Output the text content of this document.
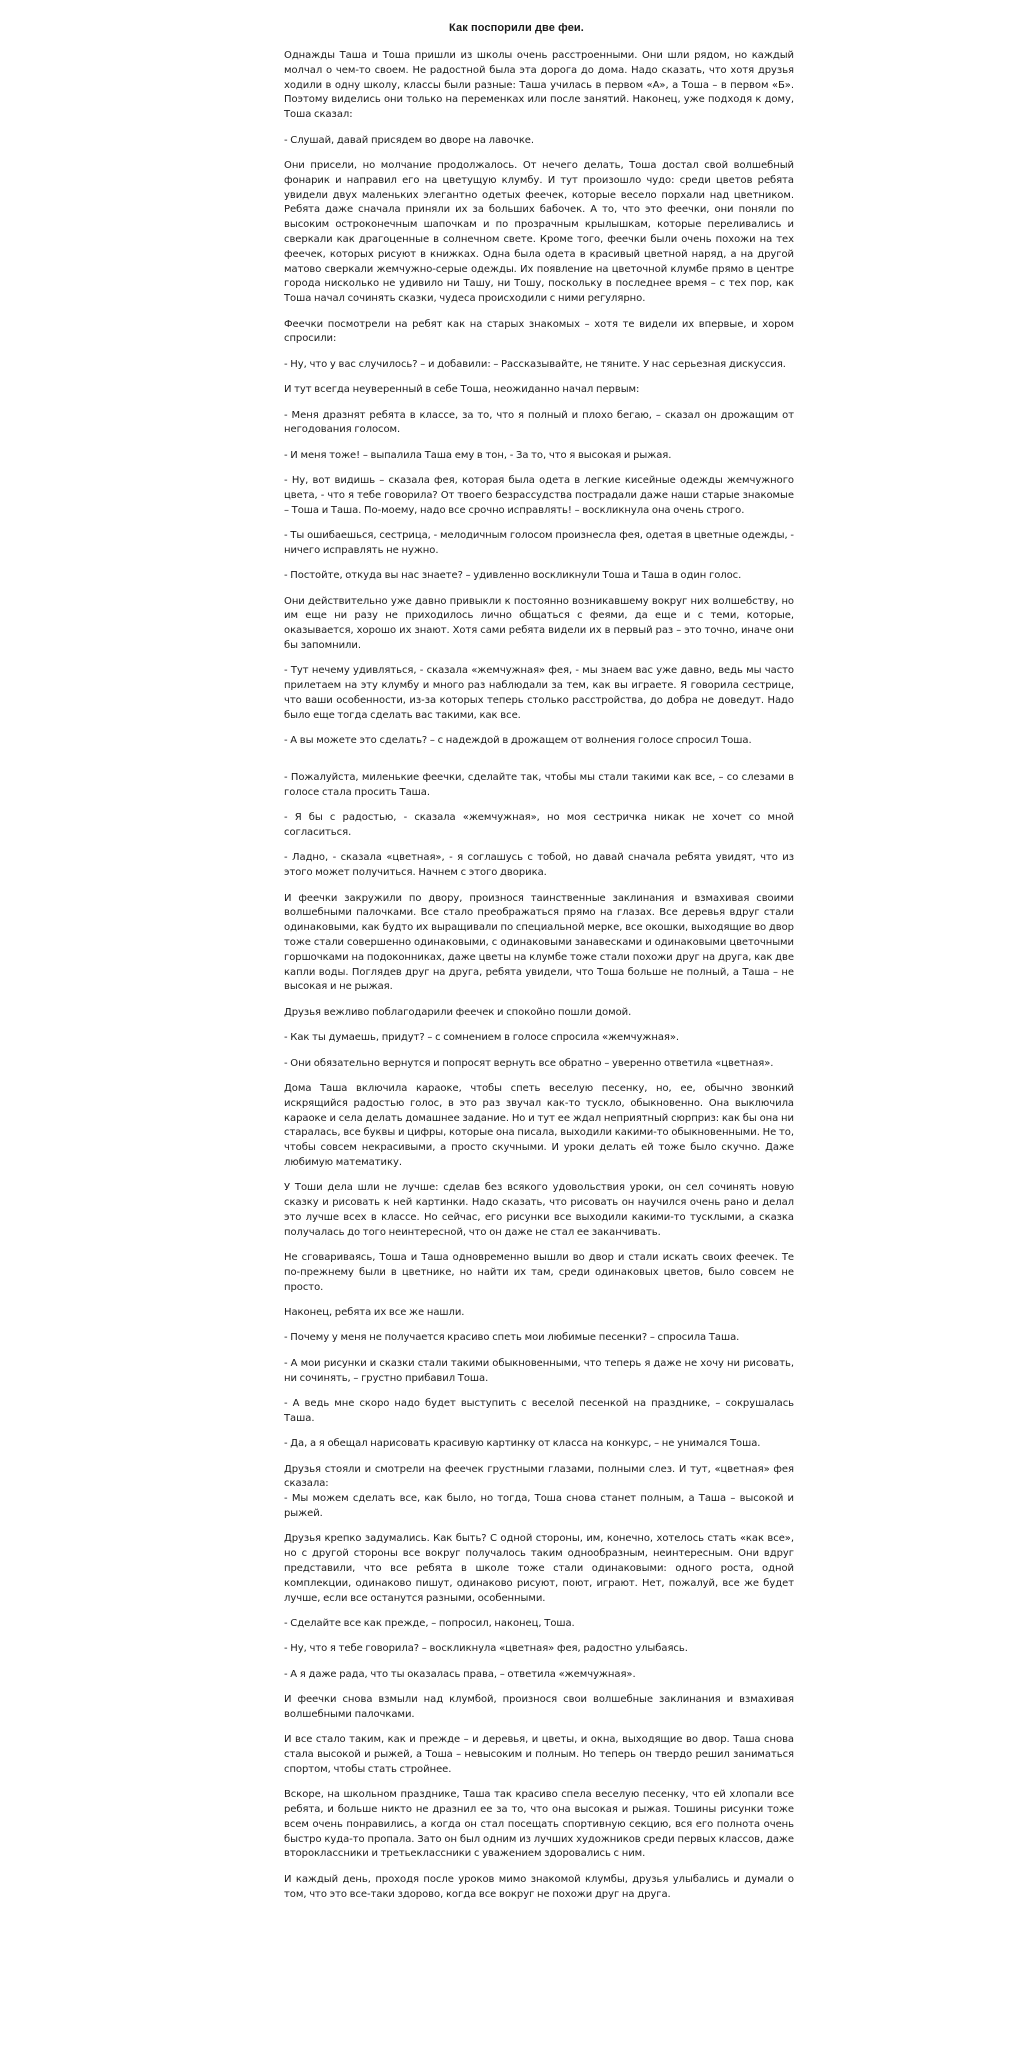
Как поспорили две феи.

Однажды Таша и Тоша пришли из школы очень расстроенными. Они шли рядом, но каждый молчал о чем-то своем. Не радостной была эта дорога до дома. Надо сказать, что хотя друзья ходили в одну школу, классы были разные: Таша училась в первом «А», а Тоша – в первом «Б». Поэтому виделись они только на переменках или после занятий. Наконец, уже подходя к дому, Тоша сказал:

- Слушай, давай присядем во дворе на лавочке.

Они присели, но молчание продолжалось. От нечего делать, Тоша достал свой волшебный фонарик и направил его на цветущую клумбу. И тут произошло чудо: среди цветов ребята увидели двух маленьких элегантно одетых феечек, которые весело порхали над цветником. Ребята даже сначала приняли их за больших бабочек. А то, что это феечки, они поняли по высоким остроконечным шапочкам и по прозрачным крылышкам, которые переливались и сверкали как драгоценные в солнечном свете. Кроме того, феечки были очень похожи на тех феечек, которых рисуют в книжках. Одна была одета в красивый цветной наряд, а на другой матово сверкали жемчужно-серые одежды. Их появление на цветочной клумбе прямо в центре города нисколько не удивило ни Ташу, ни Тошу, поскольку в последнее время – с тех пор, как Тоша начал сочинять сказки, чудеса происходили с ними регулярно.

Феечки посмотрели на ребят как на старых знакомых – хотя те видели их впервые, и хором спросили:

- Ну, что у вас случилось? – и добавили: – Рассказывайте, не тяните. У нас серьезная дискуссия.

И тут всегда неуверенный в себе Тоша, неожиданно начал первым:

- Меня дразнят ребята в классе, за то, что я полный и плохо бегаю, – сказал он дрожащим от негодования голосом.

- И меня тоже! – выпалила Таша ему в тон, - За то, что я высокая и рыжая.

- Ну, вот видишь – сказала фея, которая была одета в легкие кисейные одежды жемчужного цвета, - что я тебе говорила? От твоего безрассудства пострадали даже наши старые знакомые – Тоша и Таша. По-моему, надо все срочно исправлять! – воскликнула она очень строго.

- Ты ошибаешься, сестрица, - мелодичным голосом произнесла фея, одетая в цветные одежды, - ничего исправлять не нужно.

- Постойте, откуда вы нас знаете? – удивленно воскликнули Тоша и Таша в один голос.

Они действительно уже давно привыкли к постоянно возникавшему вокруг них волшебству, но им еще ни разу не приходилось лично общаться с феями, да еще и с теми, которые, оказывается, хорошо их знают. Хотя сами ребята видели их в первый раз – это точно, иначе они бы запомнили.

- Тут нечему удивляться, - сказала «жемчужная» фея, - мы знаем вас уже давно, ведь мы часто прилетаем на эту клумбу и много раз наблюдали за тем, как вы играете. Я говорила сестрице, что ваши особенности, из-за которых теперь столько расстройства, до добра не доведут. Надо было еще тогда сделать вас такими, как все.

- А вы можете это сделать? – с надеждой в дрожащем от волнения голосе спросил Тоша.

- Пожалуйста, миленькие феечки, сделайте так, чтобы мы стали такими как все, – со слезами в голосе стала просить Таша.

- Я бы с радостью, - сказала «жемчужная», но моя сестричка никак не хочет со мной согласиться.

- Ладно, - сказала «цветная», - я соглашусь с тобой, но давай сначала ребята увидят, что из этого может получиться. Начнем с этого дворика.

И феечки закружили по двору, произнося таинственные заклинания и взмахивая своими волшебными палочками. Все стало преображаться прямо на глазах. Все деревья вдруг стали одинаковыми, как будто их выращивали по специальной мерке, все окошки, выходящие во двор тоже стали совершенно одинаковыми, с одинаковыми занавесками и одинаковыми цветочными горшочками на подоконниках, даже цветы на клумбе тоже стали похожи друг на друга, как две капли воды. Поглядев друг на друга, ребята увидели, что Тоша больше не полный, а Таша – не высокая и не рыжая.

Друзья вежливо поблагодарили феечек и спокойно пошли домой.

- Как ты думаешь, придут? – с сомнением в голосе спросила «жемчужная».

- Они обязательно вернутся и попросят вернуть все обратно – уверенно ответила «цветная».

Дома Таша включила караоке, чтобы спеть веселую песенку, но, ее, обычно звонкий искрящийся радостью голос, в это раз звучал как-то тускло, обыкновенно. Она выключила караоке и села делать домашнее задание. Но и тут ее ждал неприятный сюрприз: как бы она ни старалась, все буквы и цифры, которые она писала, выходили какими-то обыкновенными. Не то, чтобы совсем некрасивыми, а просто скучными. И уроки делать ей тоже было скучно. Даже любимую математику.

У Тоши дела шли не лучше: сделав без всякого удовольствия уроки, он сел сочинять новую сказку и рисовать к ней картинки. Надо сказать, что рисовать он научился очень рано и делал это лучше всех в классе. Но сейчас, его рисунки все выходили какими-то тусклыми, а сказка получалась до того неинтересной, что он даже не стал ее заканчивать.

Не сговариваясь, Тоша и Таша одновременно вышли во двор и стали искать своих феечек. Те по-прежнему были в цветнике, но найти их там, среди одинаковых цветов, было совсем не просто.

Наконец, ребята их все же нашли.

- Почему у меня не получается красиво спеть мои любимые песенки? – спросила Таша.

- А мои рисунки и сказки стали такими обыкновенными, что теперь я даже не хочу ни рисовать, ни сочинять, – грустно прибавил Тоша.

- А ведь мне скоро надо будет выступить с веселой песенкой на празднике, – сокрушалась Таша.

- Да, а я обещал нарисовать красивую картинку от класса на конкурс, – не унимался Тоша.

Друзья стояли и смотрели на феечек грустными глазами, полными слез. И тут, «цветная» фея сказала:
- Мы можем сделать все, как было, но тогда, Тоша снова станет полным, а Таша – высокой и рыжей.

Друзья крепко задумались. Как быть? С одной стороны, им, конечно, хотелось стать «как все», но с другой стороны все вокруг получалось таким однообразным, неинтересным. Они вдруг представили, что все ребята в школе тоже стали одинаковыми: одного роста, одной комплекции, одинаково пишут, одинаково рисуют, поют, играют. Нет, пожалуй, все же будет лучше, если все останутся разными, особенными.

- Сделайте все как прежде, – попросил, наконец, Тоша.

- Ну, что я тебе говорила? – воскликнула «цветная» фея, радостно улыбаясь.

- А я даже рада, что ты оказалась права, – ответила «жемчужная».

И феечки снова взмыли над клумбой, произнося свои волшебные заклинания и взмахивая волшебными палочками.

И все стало таким, как и прежде – и деревья, и цветы, и окна, выходящие во двор. Таша снова стала высокой и рыжей, а Тоша – невысоким и полным. Но теперь он твердо решил заниматься спортом, чтобы стать стройнее.

Вскоре, на школьном празднике, Таша так красиво спела веселую песенку, что ей хлопали все ребята, и больше никто не дразнил ее за то, что она высокая и рыжая. Тошины рисунки тоже всем очень понравились, а когда он стал посещать спортивную секцию, вся его полнота очень быстро куда-то пропала. Зато он был одним из лучших художников среди первых классов, даже второклассники и третьеклассники с уважением здоровались с ним.

И каждый день, проходя после уроков мимо знакомой клумбы, друзья улыбались и думали о том, что это все-таки здорово, когда все вокруг не похожи друг на друга.
